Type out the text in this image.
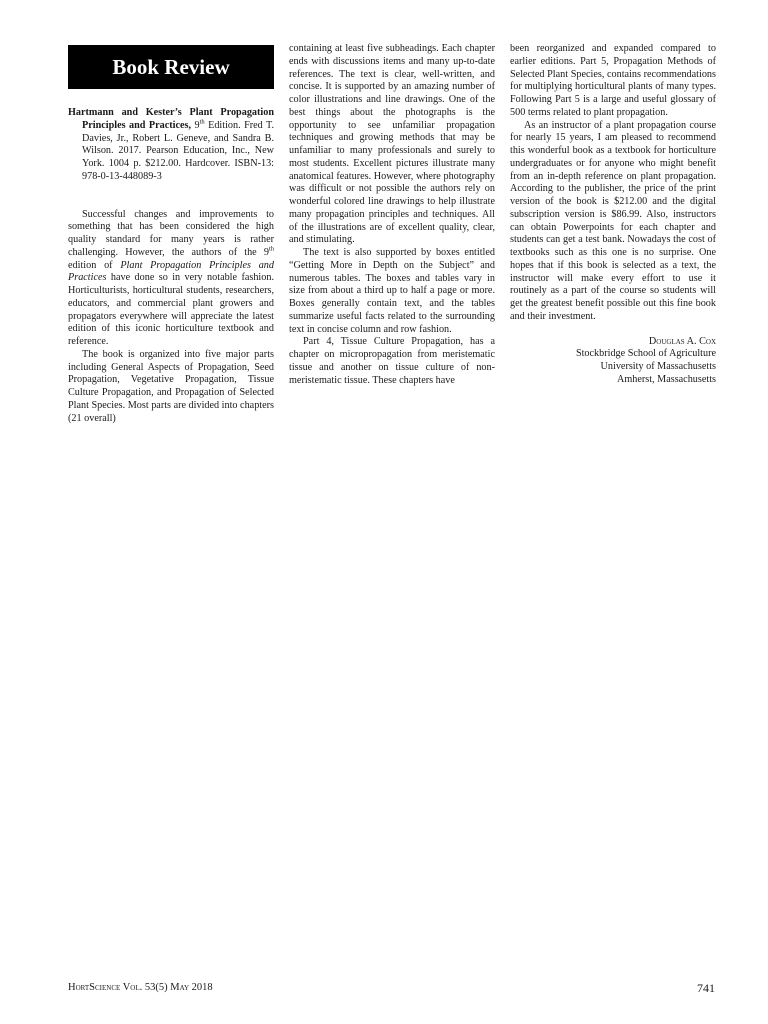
Book Review
Hartmann and Kester’s Plant Propagation Principles and Practices, 9th Edition. Fred T. Davies, Jr., Robert L. Geneve, and Sandra B. Wilson. 2017. Pearson Education, Inc., New York. 1004 p. $212.00. Hardcover. ISBN-13: 978-0-13-448089-3

Successful changes and improvements to something that has been considered the high quality standard for many years is rather challenging. However, the authors of the 9th edition of Plant Propagation Principles and Practices have done so in very notable fashion. Horticulturists, horticultural students, researchers, educators, and commercial plant growers and propagators everywhere will appreciate the latest edition of this iconic horticulture textbook and reference.

The book is organized into five major parts including General Aspects of Propagation, Seed Propagation, Vegetative Propagation, Tissue Culture Propagation, and Propagation of Selected Plant Species. Most parts are divided into chapters (21 overall)

containing at least five subheadings. Each chapter ends with discussions items and many up-to-date references. The text is clear, well-written, and concise. It is supported by an amazing number of color illustrations and line drawings. One of the best things about the photographs is the opportunity to see unfamiliar propagation techniques and growing methods that may be unfamiliar to many professionals and surely to most students. Excellent pictures illustrate many anatomical features. However, where photography was difficult or not possible the authors rely on wonderful colored line drawings to help illustrate many propagation principles and techniques. All of the illustrations are of excellent quality, clear, and stimulating.

The text is also supported by boxes entitled “Getting More in Depth on the Subject” and numerous tables. The boxes and tables vary in size from about a third up to half a page or more. Boxes generally contain text, and the tables summarize useful facts related to the surrounding text in concise column and row fashion.

Part 4, Tissue Culture Propagation, has a chapter on micropropagation from meristematic tissue and another on tissue culture of non-meristematic tissue. These chapters have

been reorganized and expanded compared to earlier editions. Part 5, Propagation Methods of Selected Plant Species, contains recommendations for multiplying horticultural plants of many types. Following Part 5 is a large and useful glossary of 500 terms related to plant propagation.

As an instructor of a plant propagation course for nearly 15 years, I am pleased to recommend this wonderful book as a textbook for horticulture undergraduates or for anyone who might benefit from an in-depth reference on plant propagation. According to the publisher, the price of the print version of the book is $212.00 and the digital subscription version is $86.99. Also, instructors can obtain Powerpoints for each chapter and students can get a test bank. Nowadays the cost of textbooks such as this one is no surprise. One hopes that if this book is selected as a text, the instructor will make every effort to use it routinely as a part of the course so students will get the greatest benefit possible out this fine book and their investment.

Douglas A. Cox

Stockbridge School of Agriculture

University of Massachusetts

Amherst, Massachusetts

HortScience Vol. 53(5) May 2018	741
